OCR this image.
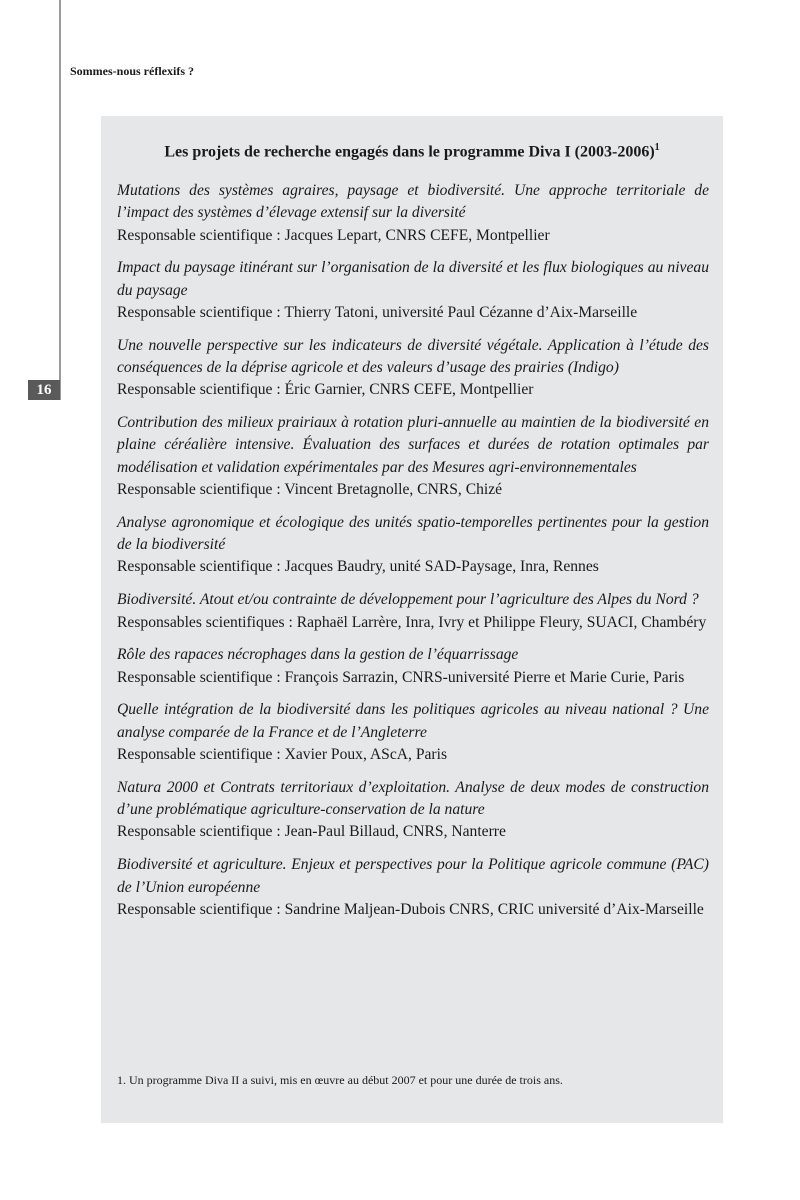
16
Sommes-nous réflexifs ?
Les projets de recherche engagés dans le programme Diva I (2003-2006)$^1$
Mutations des systèmes agraires, paysage et biodiversité. Une approche territoriale de l’impact des systèmes d’élevage extensif sur la diversité
Responsable scientifique : Jacques Lepart, CNRS CEFE, Montpellier
Impact du paysage itinérant sur l’organisation de la diversité et les flux biologiques au niveau du paysage
Responsable scientifique : Thierry Tatoni, université Paul Cézanne d’Aix-Marseille
Une nouvelle perspective sur les indicateurs de diversité végétale. Application à l’étude des conséquences de la déprise agricole et des valeurs d’usage des prairies (Indigo)
Responsable scientifique : Éric Garnier, CNRS CEFE, Montpellier
Contribution des milieux prairiaux à rotation pluri-annuelle au maintien de la biodiversité en plaine céréalière intensive. Évaluation des surfaces et durées de rotation optimales par modélisation et validation expérimentales par des Mesures agri-environnementales
Responsable scientifique : Vincent Bretagnolle, CNRS, Chizé
Analyse agronomique et écologique des unités spatio-temporelles pertinentes pour la gestion de la biodiversité
Responsable scientifique : Jacques Baudry, unité SAD-Paysage, Inra, Rennes
Biodiversité. Atout et/ou contrainte de développement pour l’agriculture des Alpes du Nord ?
Responsables scientifiques : Raphaël Larrère, Inra, Ivry et Philippe Fleury, SUACI, Chambéry
Rôle des rapaces nécrophages dans la gestion de l’équarrissage
Responsable scientifique : François Sarrazin, CNRS-université Pierre et Marie Curie, Paris
Quelle intégration de la biodiversité dans les politiques agricoles au niveau national ? Une analyse comparée de la France et de l’Angleterre
Responsable scientifique : Xavier Poux, AScA, Paris
Natura 2000 et Contrats territoriaux d’exploitation. Analyse de deux modes de construction d’une problématique agriculture-conservation de la nature
Responsable scientifique : Jean-Paul Billaud, CNRS, Nanterre
Biodiversité et agriculture. Enjeux et perspectives pour la Politique agricole commune (PAC) de l’Union européenne
Responsable scientifique : Sandrine Maljean-Dubois CNRS, CRIC université d’Aix-Marseille
1. Un programme Diva II a suivi, mis en œuvre au début 2007 et pour une durée de trois ans.
